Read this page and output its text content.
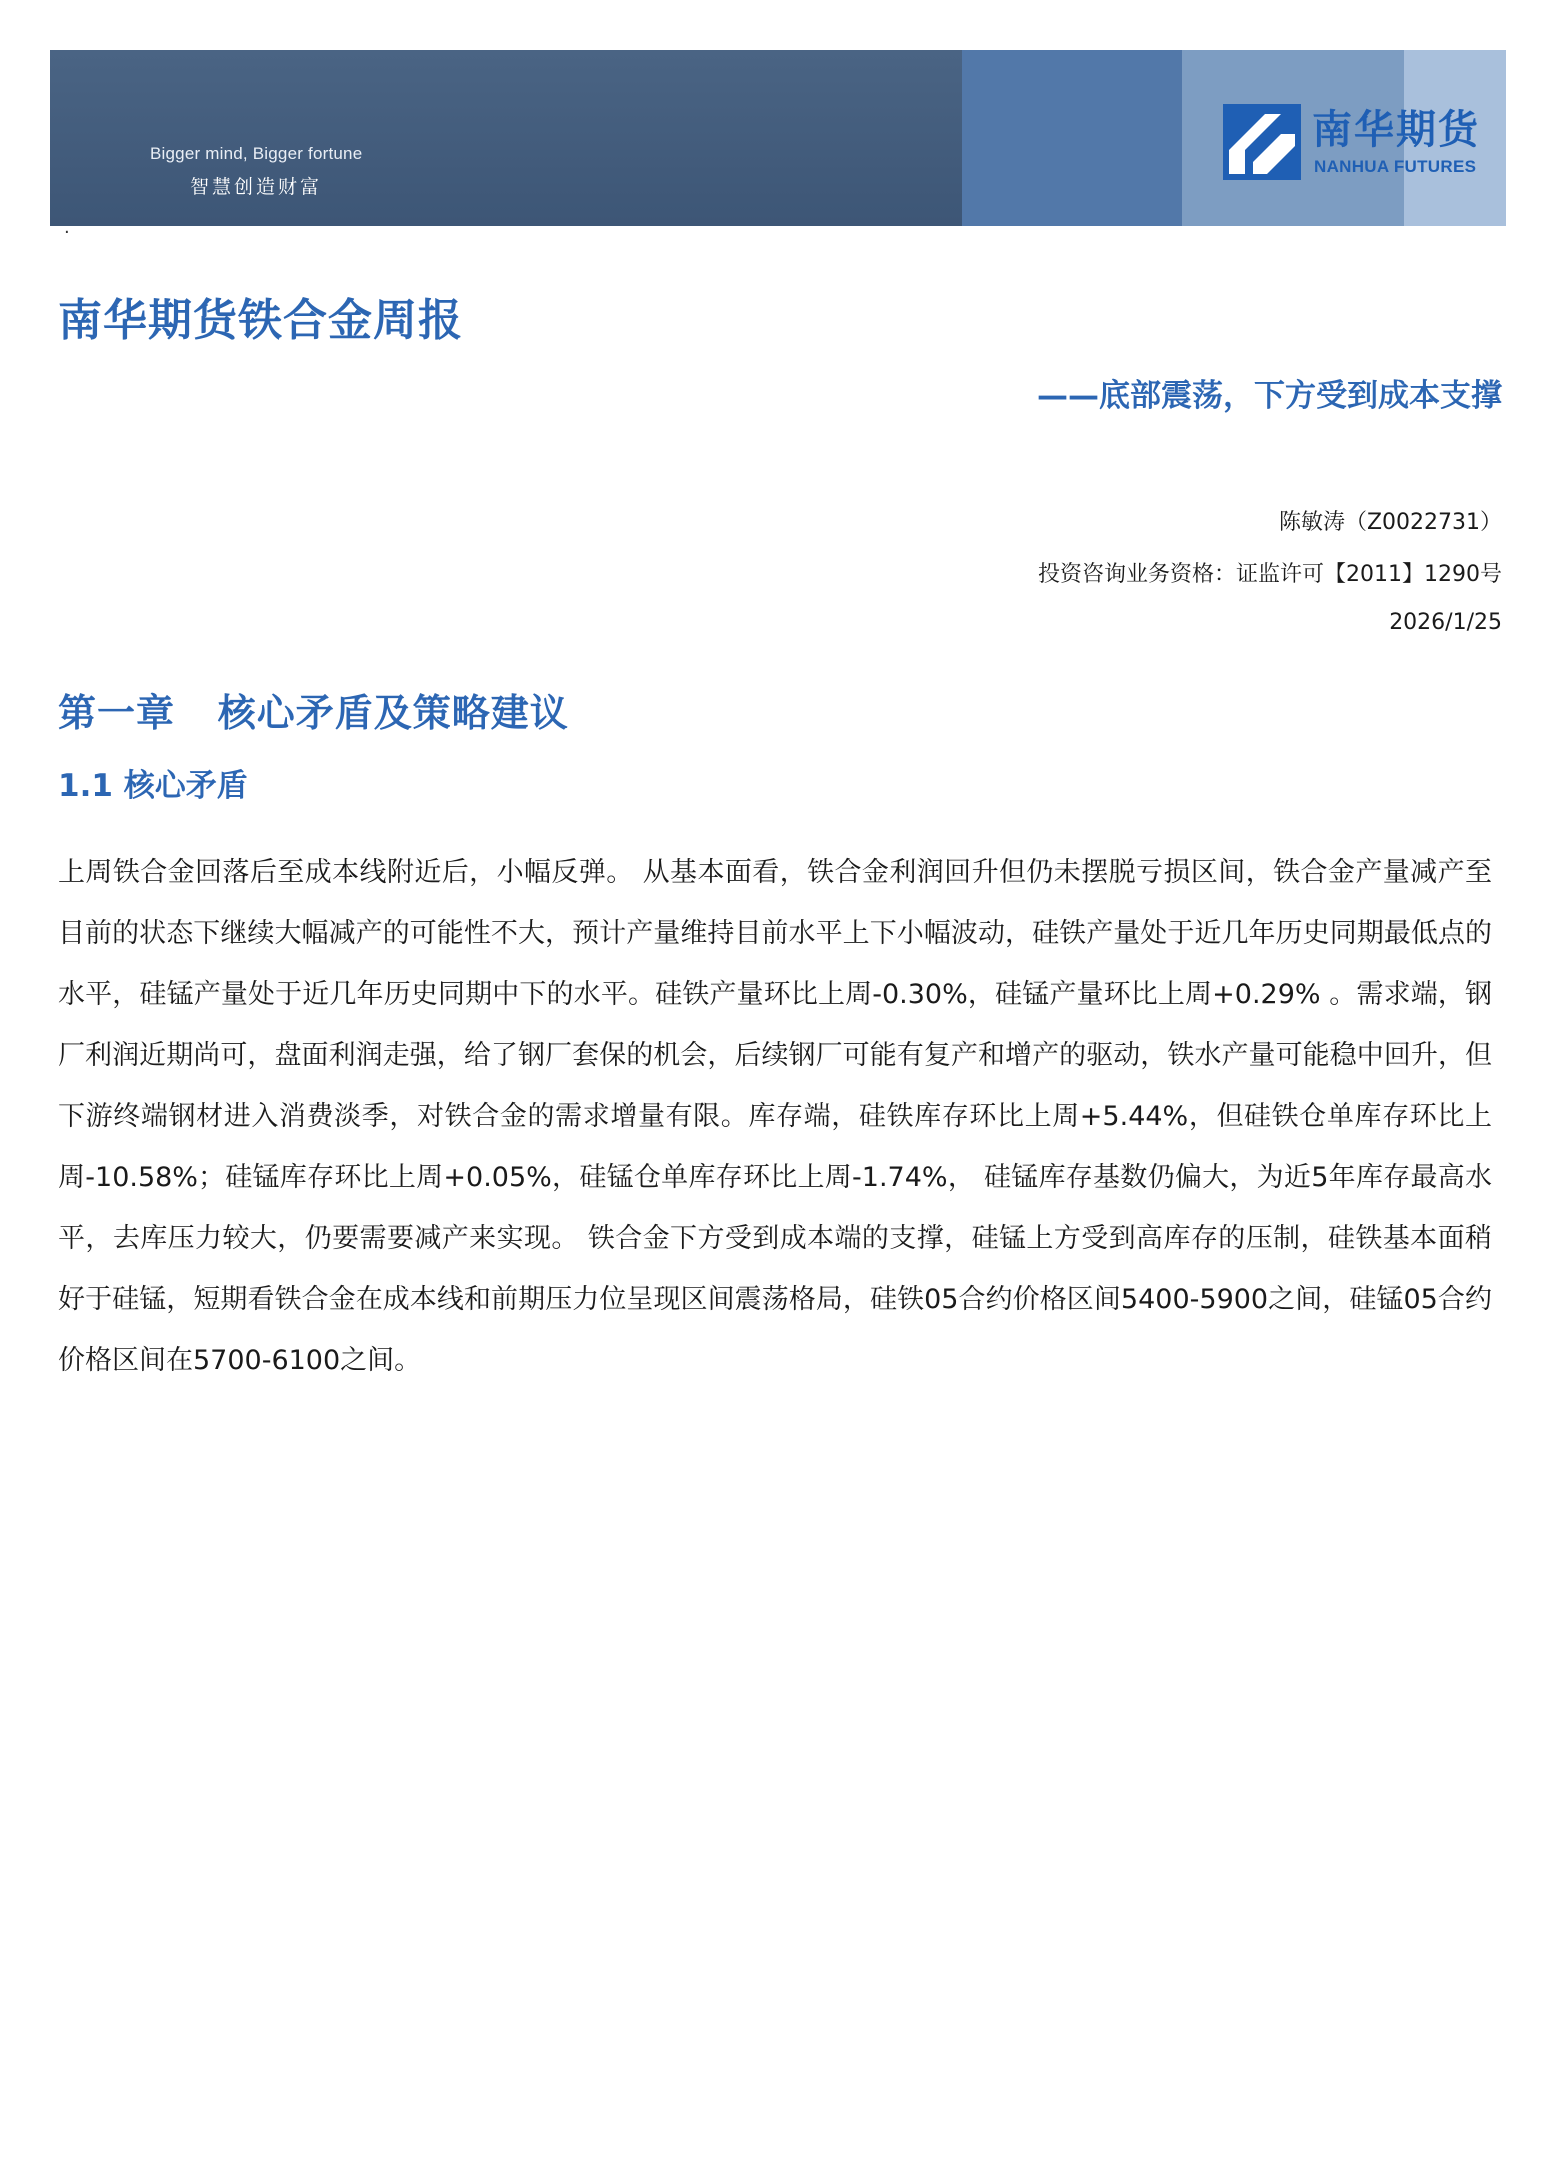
Bigger mind, Bigger fortune
智慧创造财富
南华期货
NANHUA FUTURES
·
南华期货铁合金周报
——底部震荡，下方受到成本支撑
陈敏涛（Z0022731）
投资咨询业务资格：证监许可【2011】1290号
2026/1/25
第一章   核心矛盾及策略建议
1.1 核心矛盾

上周铁合金回落后至成本线附近后，小幅反弹。 从基本面看，铁合金利润回升但仍未摆脱亏损区间，铁合金产量减产至目前的状态下继续大幅减产的可能性不大，预计产量维持目前水平上下小幅波动，硅铁产量处于近几年历史同期最低点的水平，硅锰产量处于近几年历史同期中下的水平。硅铁产量环比上周-0.30%，硅锰产量环比上周+0.29% 。需求端，钢厂利润近期尚可，盘面利润走强，给了钢厂套保的机会，后续钢厂可能有复产和增产的驱动，铁水产量可能稳中回升，但下游终端钢材进入消费淡季，对铁合金的需求增量有限。库存端，硅铁库存环比上周+5.44%，但硅铁仓单库存环比上周-10.58%；硅锰库存环比上周+0.05%，硅锰仓单库存环比上周-1.74%， 硅锰库存基数仍偏大，为近5年库存最高水平，去库压力较大，仍要需要减产来实现。 铁合金下方受到成本端的支撑，硅锰上方受到高库存的压制，硅铁基本面稍好于硅锰，短期看铁合金在成本线和前期压力位呈现区间震荡格局，硅铁05合约价格区间5400-5900之间，硅锰05合约价格区间在5700-6100之间。
